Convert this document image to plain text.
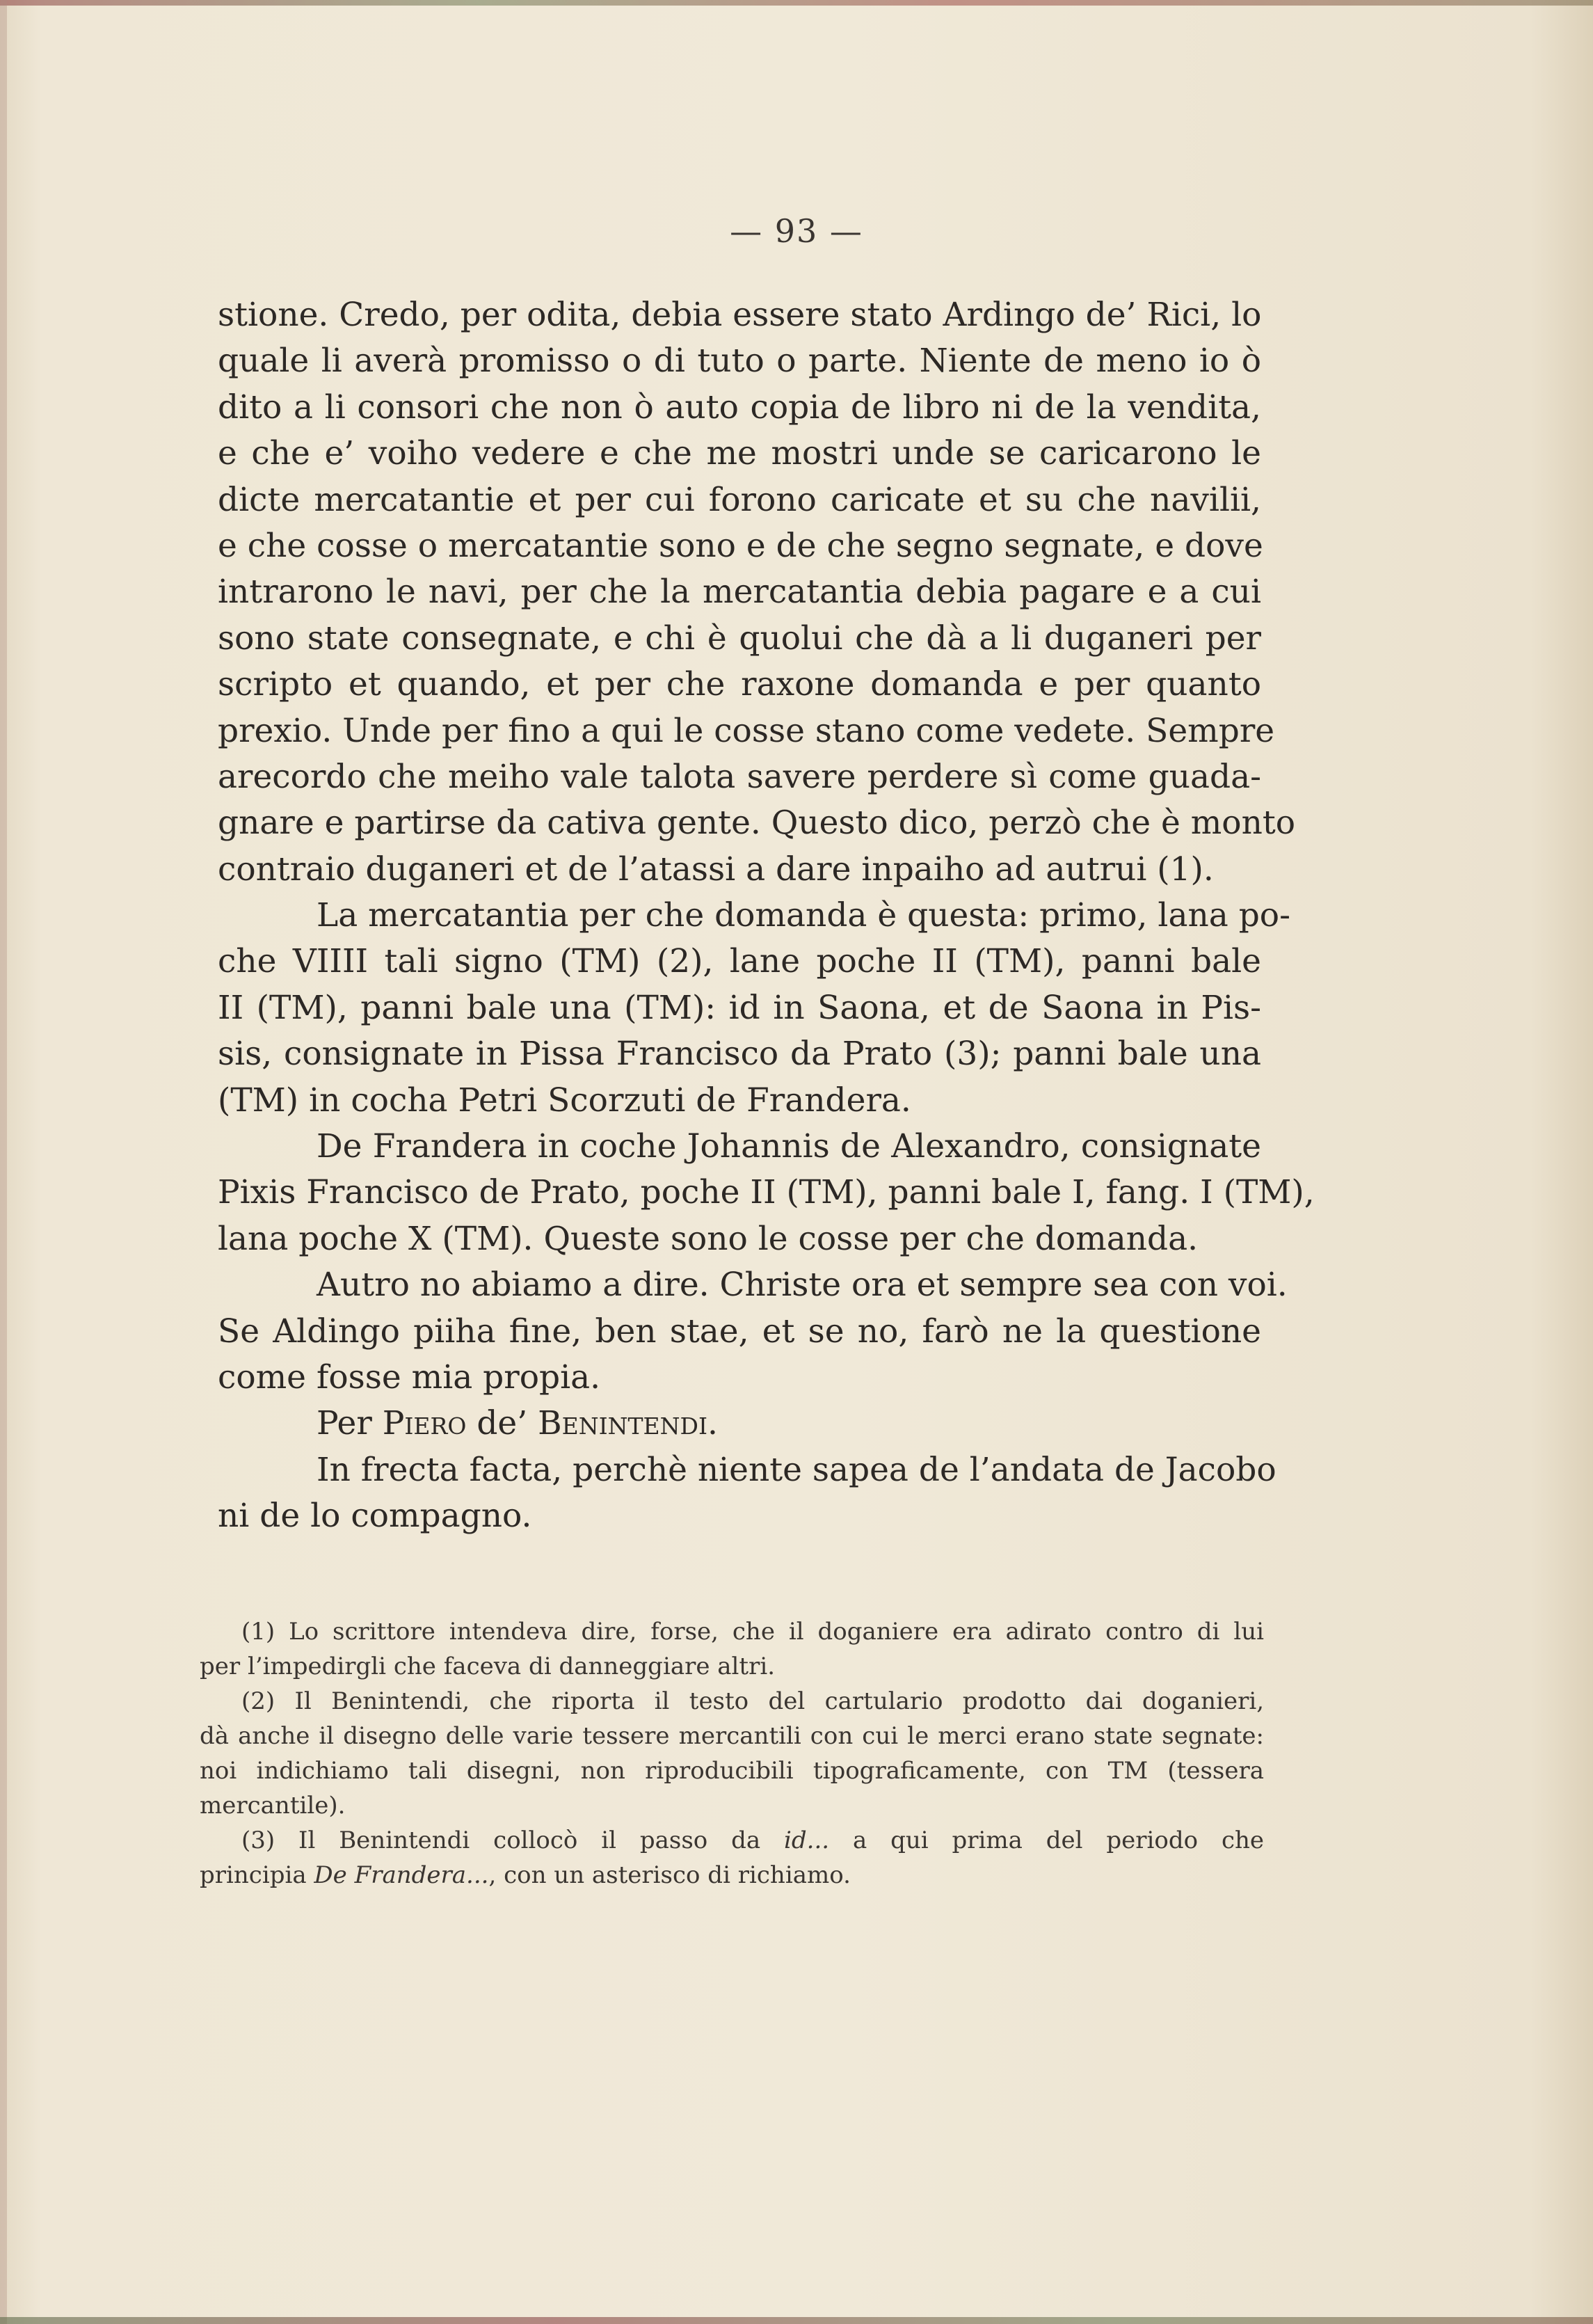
— 93 —
stione. Credo, per odita, debia essere stato Ardingo de’ Rici, lo
quale li averà promisso o di tuto o parte. Niente de meno io ò
dito a li consori che non ò auto copia de libro ni de la vendita,
e che e’ voiho vedere e che me mostri unde se caricarono le
dicte mercatantie et per cui forono caricate et su che navilii,
e che cosse o mercatantie sono e de che segno segnate, e dove
intrarono le navi, per che la mercatantia debia pagare e a cui
sono state consegnate, e chi è quolui che dà a li duganeri per
scripto et quando, et per che raxone domanda e per quanto
prexio. Unde per fino a qui le cosse stano come vedete. Sempre
arecordo che meiho vale talota savere perdere sì come guada-
gnare e partirse da cativa gente. Questo dico, perzò che è monto
contraio duganeri et de l’atassi a dare inpaiho ad autrui (1).
La mercatantia per che domanda è questa: primo, lana po-
che VIIII tali signo (TM) (2), lane poche II (TM), panni bale
II (TM), panni bale una (TM): id in Saona, et de Saona in Pis-
sis, consignate in Pissa Francisco da Prato (3); panni bale una
(TM) in cocha Petri Scorzuti de Frandera.
De Frandera in coche Johannis de Alexandro, consignate
Pixis Francisco de Prato, poche II (TM), panni bale I, fang. I (TM),
lana poche X (TM). Queste sono le cosse per che domanda.
Autro no abiamo a dire. Christe ora et sempre sea con voi.
Se Aldingo piiha fine, ben stae, et se no, farò ne la questione
come fosse mia propia.
Per Piero de’ Benintendi.
In frecta facta, perchè niente sapea de l’andata de Jacobo
ni de lo compagno.
(1) Lo scrittore intendeva dire, forse, che il doganiere era adirato contro di lui
per l’impedirgli che faceva di danneggiare altri.
(2) Il Benintendi, che riporta il testo del cartulario prodotto dai doganieri,
dà anche il disegno delle varie tessere mercantili con cui le merci erano state segnate:
noi indichiamo tali disegni, non riproducibili tipograficamente, con TM (tessera
mercantile).
(3) Il Benintendi collocò il passo da id... a qui prima del periodo che
principia De Frandera..., con un asterisco di richiamo.
